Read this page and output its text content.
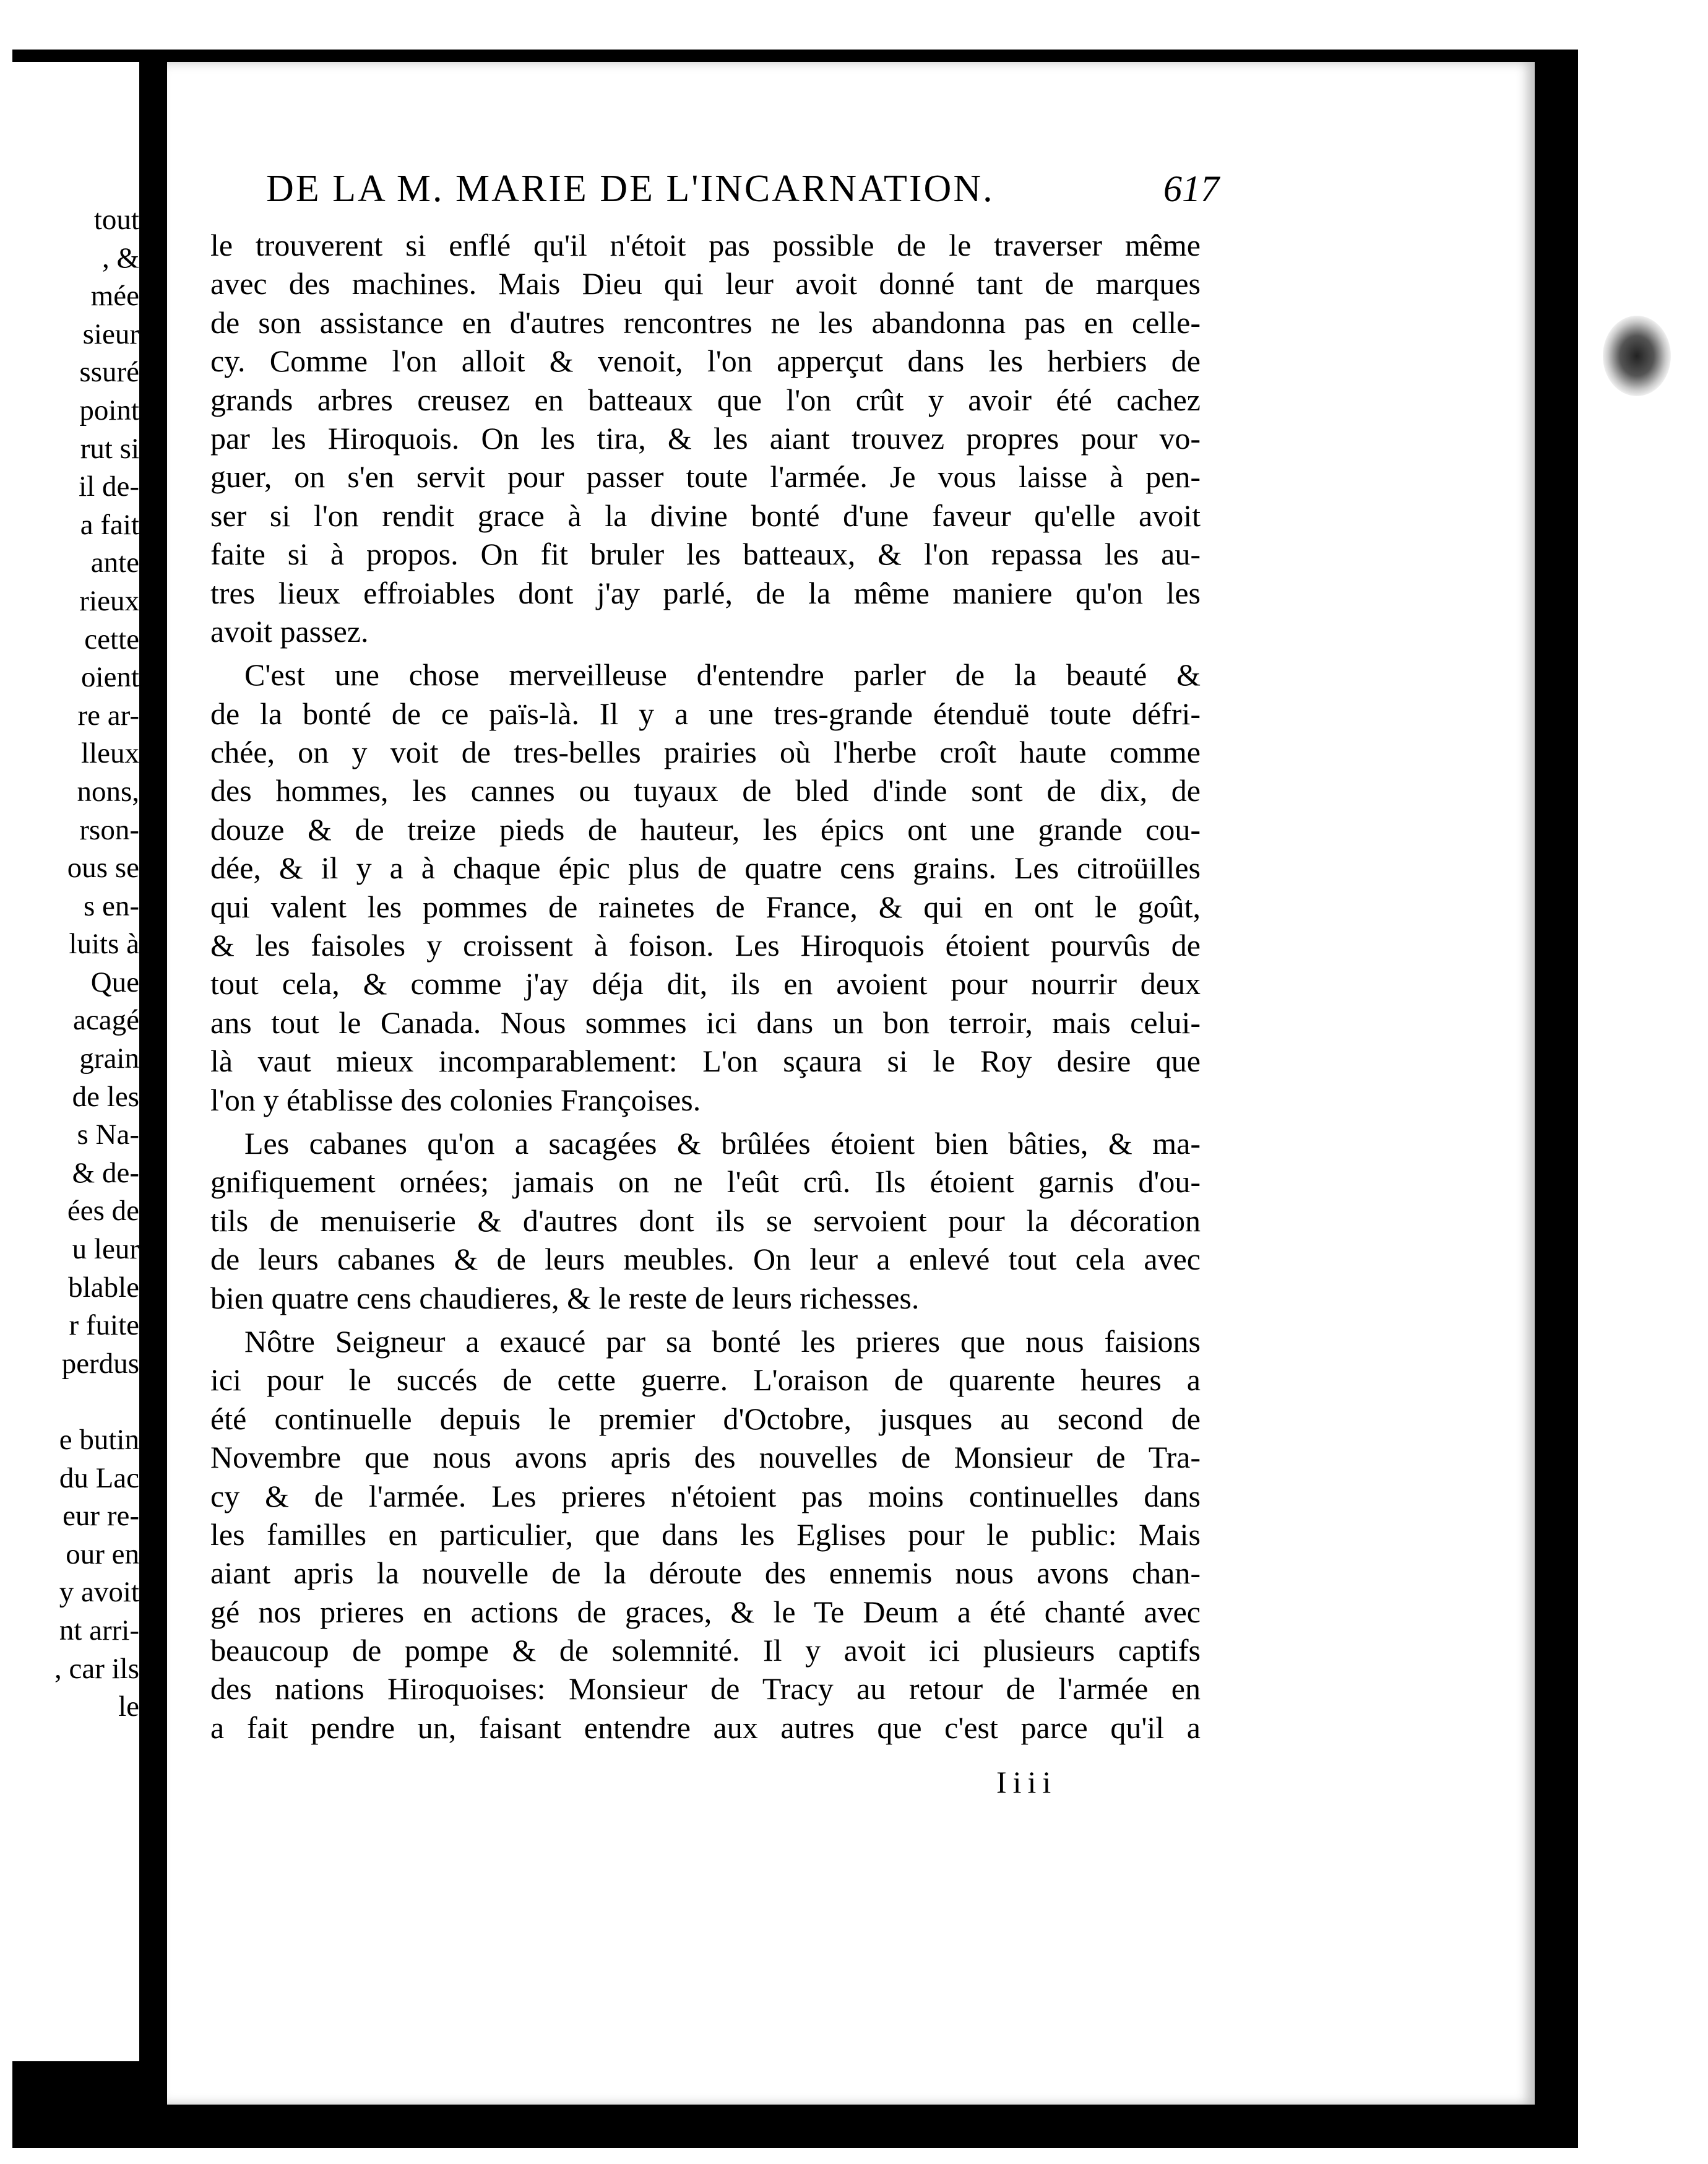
tout
, &
mée
sieur
ssuré
point
rut si
il de-
a fait
ante
rieux
cette
oient
re ar-
lleux
nons,
rson-
ous se
s en-
luits à
Que
acagé
grain
de les
s Na-
& de-
ées de
u leur
blable
r fuite
perdus
e butin
du Lac
eur re-
our en
y avoit
nt arri-
, car ils
le
DE LA M. MARIE DE L'INCARNATION.	617
le trouverent si enflé qu'il n'étoit pas possible de le traverser même
avec des machines. Mais Dieu qui leur avoit donné tant de marques
de son assistance en d'autres rencontres ne les abandonna pas en celle-
cy. Comme l'on alloit & venoit, l'on apperçut dans les herbiers de
grands arbres creusez en batteaux que l'on crût y avoir été cachez
par les Hiroquois. On les tira, & les aiant trouvez propres pour vo-
guer, on s'en servit pour passer toute l'armée. Je vous laisse à pen-
ser si l'on rendit grace à la divine bonté d'une faveur qu'elle avoit
faite si à propos. On fit bruler les batteaux, & l'on repassa les au-
tres lieux effroiables dont j'ay parlé, de la même maniere qu'on les
avoit passez.
C'est une chose merveilleuse d'entendre parler de la beauté &
de la bonté de ce païs-là. Il y a une tres-grande étenduë toute défri-
chée, on y voit de tres-belles prairies où l'herbe croît haute comme
des hommes, les cannes ou tuyaux de bled d'inde sont de dix, de
douze & de treize pieds de hauteur, les épics ont une grande cou-
dée, & il y a à chaque épic plus de quatre cens grains. Les citroüilles
qui valent les pommes de rainetes de France, & qui en ont le goût,
& les faisoles y croissent à foison. Les Hiroquois étoient pourvûs de
tout cela, & comme j'ay déja dit, ils en avoient pour nourrir deux
ans tout le Canada. Nous sommes ici dans un bon terroir, mais celui-
là vaut mieux incomparablement: L'on sçaura si le Roy desire que
l'on y établisse des colonies Françoises.
Les cabanes qu'on a sacagées & brûlées étoient bien bâties, & ma-
gnifiquement ornées; jamais on ne l'eût crû. Ils étoient garnis d'ou-
tils de menuiserie & d'autres dont ils se servoient pour la décoration
de leurs cabanes & de leurs meubles. On leur a enlevé tout cela avec
bien quatre cens chaudieres, & le reste de leurs richesses.
Nôtre Seigneur a exaucé par sa bonté les prieres que nous faisions
ici pour le succés de cette guerre. L'oraison de quarente heures a
été continuelle depuis le premier d'Octobre, jusques au second de
Novembre que nous avons apris des nouvelles de Monsieur de Tra-
cy & de l'armée. Les prieres n'étoient pas moins continuelles dans
les familles en particulier, que dans les Eglises pour le public: Mais
aiant apris la nouvelle de la déroute des ennemis nous avons chan-
gé nos prieres en actions de graces, & le Te Deum a été chanté avec
beaucoup de pompe & de solemnité. Il y avoit ici plusieurs captifs
des nations Hiroquoises: Monsieur de Tracy au retour de l'armée en
a fait pendre un, faisant entendre aux autres que c'est parce qu'il a
Iiii
